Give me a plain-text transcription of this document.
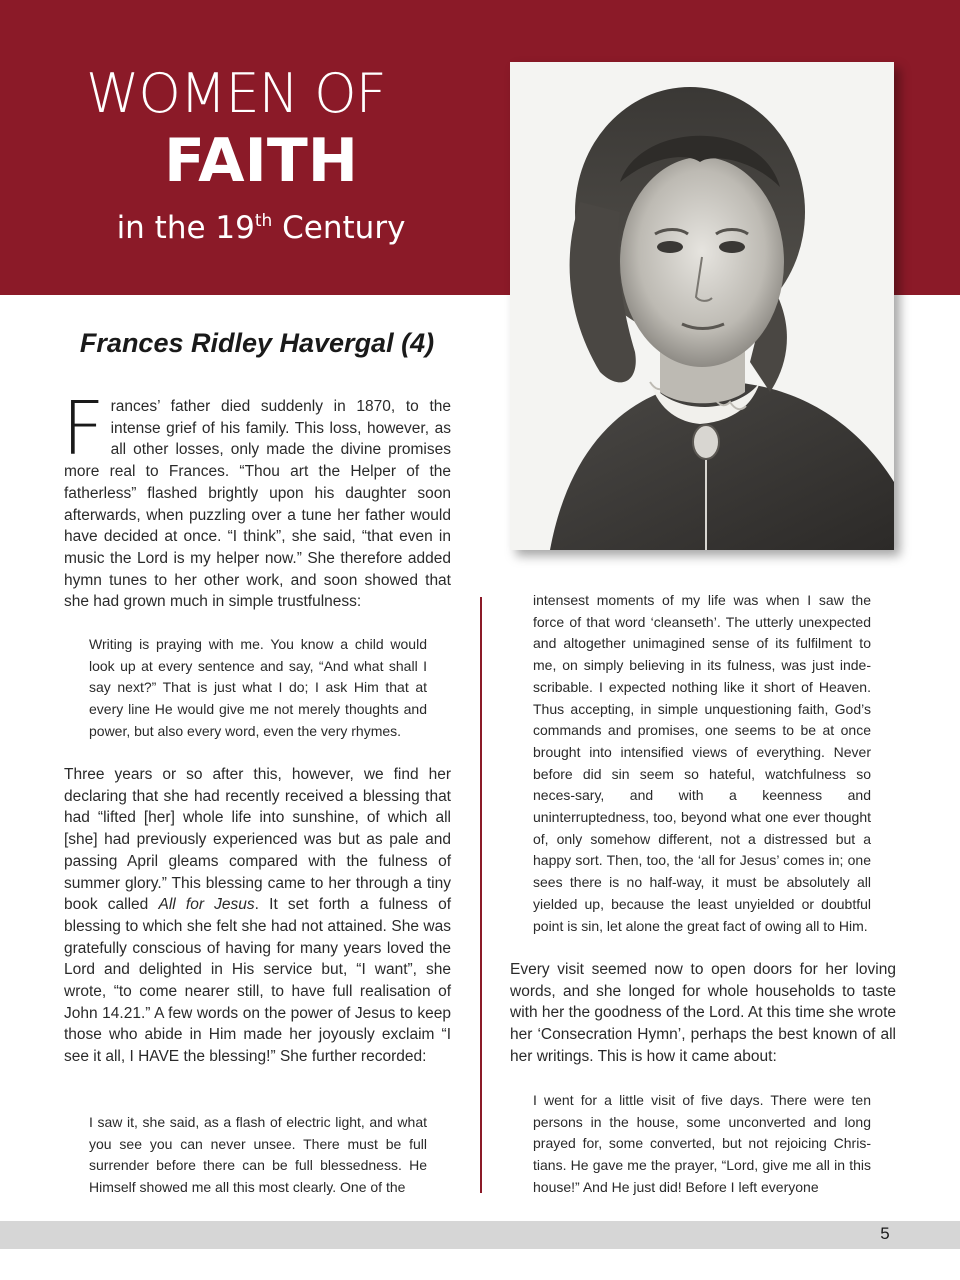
WOMEN OF
FAITH
in the 19th Century
Frances Ridley Havergal (4)
F rances’ father died suddenly in 1870, to the intense grief of his family. This loss, however, as all other losses, only made the divine promises more real to Frances. “Thou art the Helper of the fatherless” flashed brightly upon his daughter soon afterwards, when puzzling over a tune her father would have decided at once. “I think”, she said, “that even in music the Lord is my helper now.” She therefore added hymn tunes to her other work, and soon showed that she had grown much in simple trustfulness:
Writing is praying with me. You know a child would look up at every sentence and say, “And what shall I say next?” That is just what I do; I ask Him that at every line He would give me not merely thoughts and power, but also every word, even the very rhymes.
Three years or so after this, however, we find her declaring that she had recently received a blessing that had “lifted [her] whole life into sunshine, of which all [she] had previously experienced was but as pale and passing April gleams compared with the fulness of summer glory.” This blessing came to her through a tiny book called All for Jesus. It set forth a fulness of blessing to which she felt she had not attained. She was gratefully conscious of having for many years loved the Lord and delighted in His service but, “I want”, she wrote, “to come nearer still, to have full realisation of John 14.21.” A few words on the power of Jesus to keep those who abide in Him made her joyously exclaim “I see it all, I HAVE the blessing!” She further recorded:
I saw it, she said, as a flash of electric light, and what you see you can never unsee. There must be full surrender before there can be full blessedness. He Himself showed me all this most clearly. One of the
intensest moments of my life was when I saw the force of that word ‘cleanseth’. The utterly unexpected and altogether unimagined sense of its fulfilment to me, on simply believing in its fulness, was just inde-scribable. I expected nothing like it short of Heaven. Thus accepting, in simple unquestioning faith, God’s commands and promises, one seems to be at once brought into intensified views of everything. Never before did sin seem so hateful, watchfulness so neces-sary, and with a keenness and uninterruptedness, too, beyond what one ever thought of, only somehow different, not a distressed but a happy sort. Then, too, the ‘all for Jesus’ comes in; one sees there is no half-way, it must be absolutely all yielded up, because the least unyielded or doubtful point is sin, let alone the great fact of owing all to Him.
Every visit seemed now to open doors for her loving words, and she longed for whole households to taste with her the goodness of the Lord. At this time she wrote her ‘Consecration Hymn’, perhaps the best known of all her writings. This is how it came about:
I went for a little visit of five days. There were ten persons in the house, some unconverted and long prayed for, some converted, but not rejoicing Chris-tians. He gave me the prayer, “Lord, give me all in this house!” And He just did! Before I left everyone
5
